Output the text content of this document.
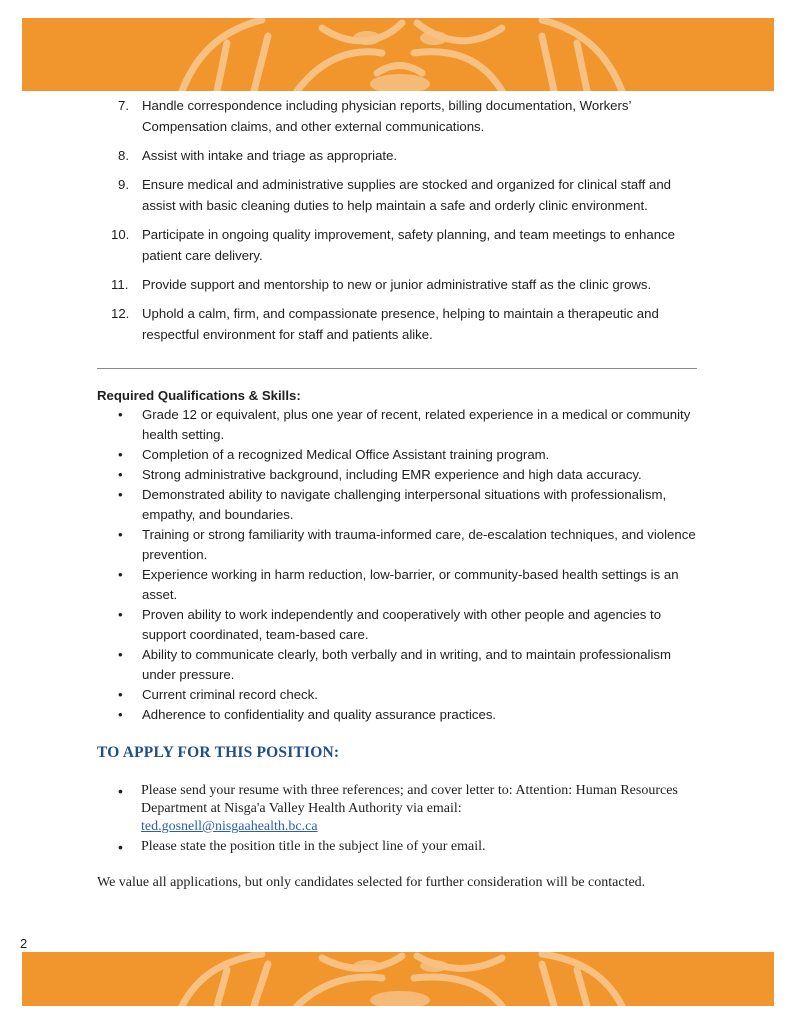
7. Handle correspondence including physician reports, billing documentation, Workers’ Compensation claims, and other external communications.
8. Assist with intake and triage as appropriate.
9. Ensure medical and administrative supplies are stocked and organized for clinical staff and assist with basic cleaning duties to help maintain a safe and orderly clinic environment.
10. Participate in ongoing quality improvement, safety planning, and team meetings to enhance patient care delivery.
11. Provide support and mentorship to new or junior administrative staff as the clinic grows.
12. Uphold a calm, firm, and compassionate presence, helping to maintain a therapeutic and respectful environment for staff and patients alike.
Required Qualifications & Skills:
• Grade 12 or equivalent, plus one year of recent, related experience in a medical or community health setting.
• Completion of a recognized Medical Office Assistant training program.
• Strong administrative background, including EMR experience and high data accuracy.
• Demonstrated ability to navigate challenging interpersonal situations with professionalism, empathy, and boundaries.
• Training or strong familiarity with trauma-informed care, de-escalation techniques, and violence prevention.
• Experience working in harm reduction, low-barrier, or community-based health settings is an asset.
• Proven ability to work independently and cooperatively with other people and agencies to support coordinated, team-based care.
• Ability to communicate clearly, both verbally and in writing, and to maintain professionalism under pressure.
• Current criminal record check.
• Adherence to confidentiality and quality assurance practices.
TO APPLY FOR THIS POSITION:
• Please send your resume with three references; and cover letter to: Attention: Human Resources Department at Nisga'a Valley Health Authority via email:
ted.gosnell@nisgaahealth.bc.ca
• Please state the position title in the subject line of your email.

We value all applications, but only candidates selected for further consideration will be contacted.

2
